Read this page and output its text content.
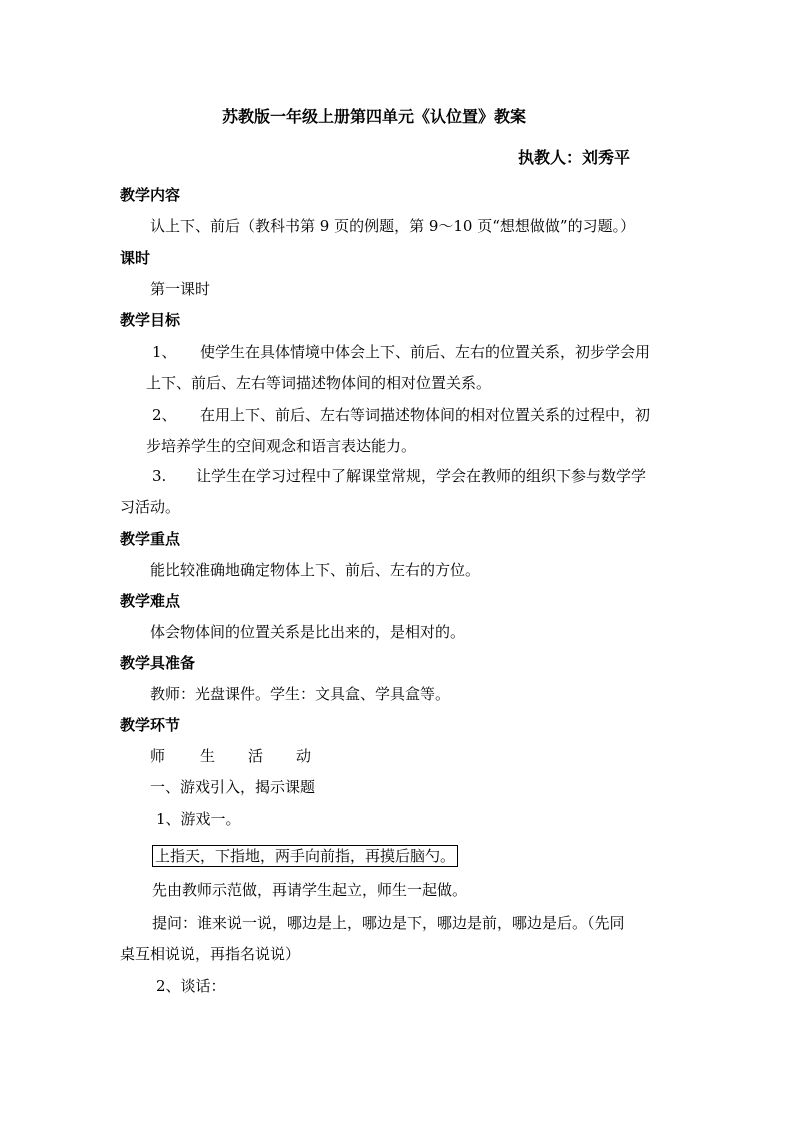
苏教版一年级上册第四单元《认位置》教案
执教人：刘秀平
教学内容
认上下、前后（教科书第 9 页的例题，第 9～10 页“想想做做”的习题。）
课时
第一课时
教学目标
1、 使学生在具体情境中体会上下、前后、左右的位置关系，初步学会用
上下、前后、左右等词描述物体间的相对位置关系。
2、 在用上下、前后、左右等词描述物体间的相对位置关系的过程中，初
步培养学生的空间观念和语言表达能力。
3. 让学生在学习过程中了解课堂常规，学会在教师的组织下参与数学学
习活动。
教学重点
能比较准确地确定物体上下、前后、左右的方位。
教学难点
体会物体间的位置关系是比出来的，是相对的。
教学具准备
教师：光盘课件。学生：文具盒、学具盒等。
教学环节
师 生 活 动
一、游戏引入，揭示课题
1、游戏一。
上指天，下指地，两手向前指，再摸后脑勺。
先由教师示范做，再请学生起立，师生一起做。
提问：谁来说一说，哪边是上，哪边是下，哪边是前，哪边是后。（先同
桌互相说说，再指名说说）
2、谈话：
